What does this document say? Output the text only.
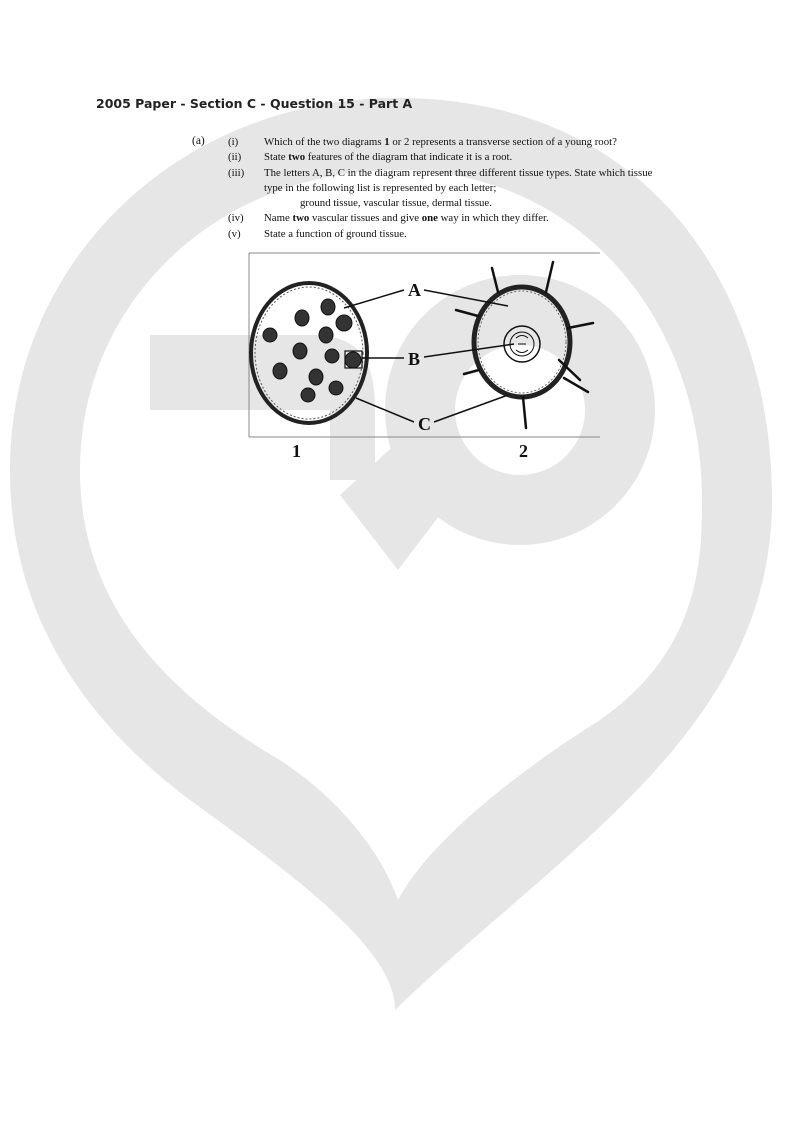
2005 Paper - Section C - Question 15 - Part A
(a) (i)	Which of the two diagrams 1 or 2 represents a transverse section of a young root?
(ii)	State two features of the diagram that indicate it is a root.
(iii)	The letters A, B, C in the diagram represent three different tissue types. State which tissue type in the following list is represented by each letter;
ground tissue, vascular tissue, dermal tissue.
(iv)	Name two vascular tissues and give one way in which they differ.
(v)	State a function of ground tissue.
A
B
C
1	2
